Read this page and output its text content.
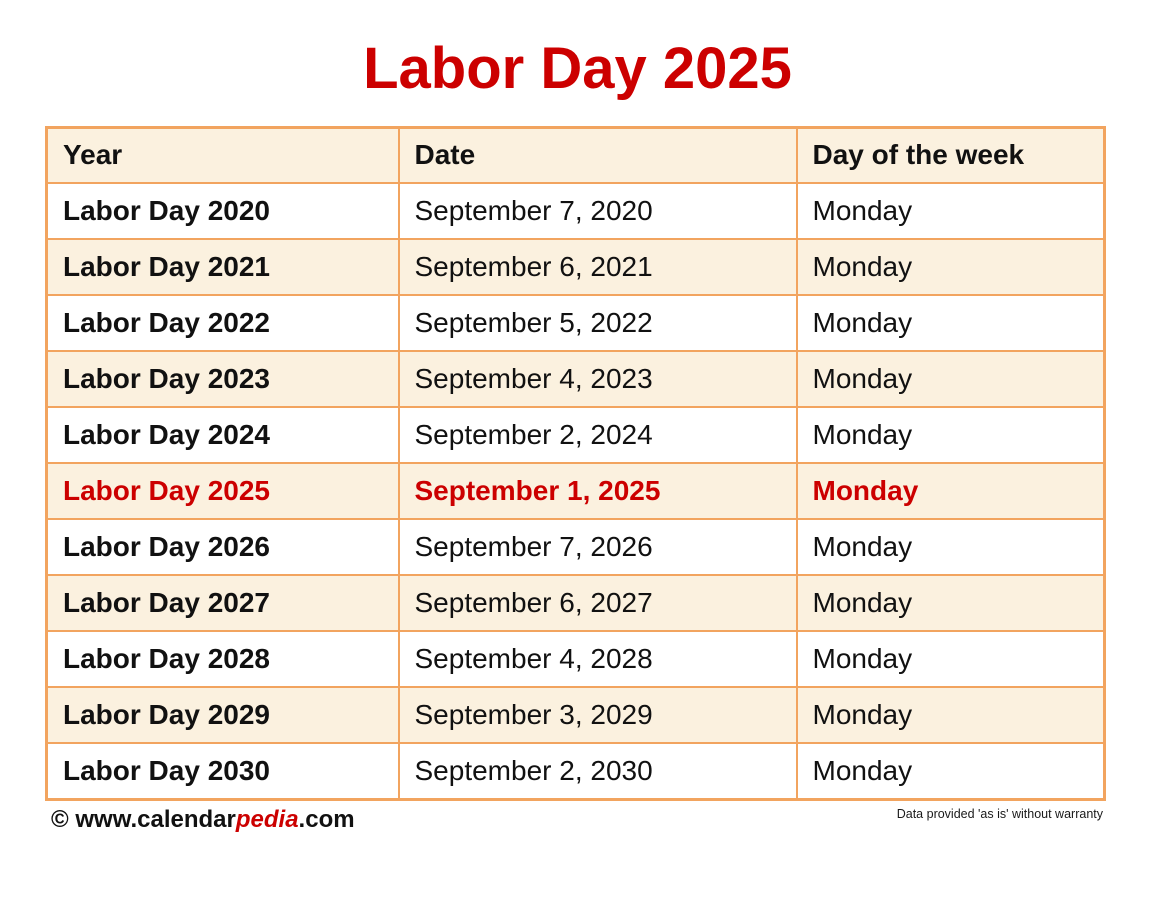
Labor Day 2025
Year	Date	Day of the week
Labor Day 2020	September 7, 2020	Monday
Labor Day 2021	September 6, 2021	Monday
Labor Day 2022	September 5, 2022	Monday
Labor Day 2023	September 4, 2023	Monday
Labor Day 2024	September 2, 2024	Monday
Labor Day 2025	September 1, 2025	Monday
Labor Day 2026	September 7, 2026	Monday
Labor Day 2027	September 6, 2027	Monday
Labor Day 2028	September 4, 2028	Monday
Labor Day 2029	September 3, 2029	Monday
Labor Day 2030	September 2, 2030	Monday
© www.calendarpedia.com	Data provided 'as is' without warranty
